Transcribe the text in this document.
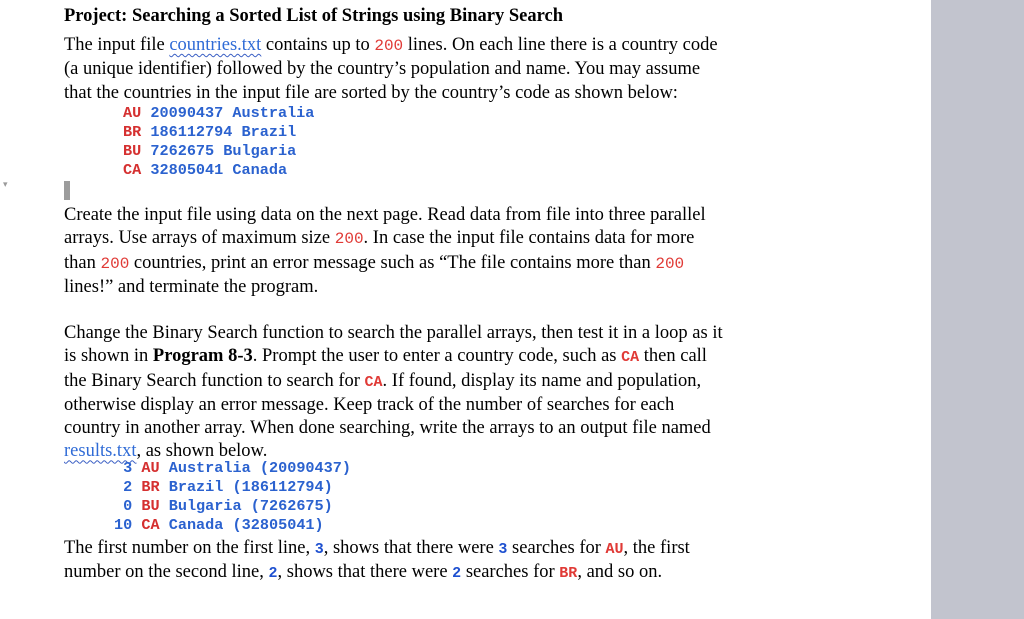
▾
Project: Searching a Sorted List of Strings using Binary Search
The input file countries.txt contains up to 200 lines. On each line there is a country code
(a unique identifier) followed by the country’s population and name. You may assume
that the countries in the input file are sorted by the country’s code as shown below:
AU 20090437 Australia
BR 186112794 Brazil
BU 7262675 Bulgaria
CA 32805041 Canada
Create the input file using data on the next page. Read data from file into three parallel
arrays. Use arrays of maximum size 200. In case the input file contains data for more
than 200 countries, print an error message such as “The file contains more than 200
lines!” and terminate the program.
Change the Binary Search function to search the parallel arrays, then test it in a loop as it
is shown in Program 8-3. Prompt the user to enter a country code, such as CA then call
the Binary Search function to search for CA. If found, display its name and population,
otherwise display an error message. Keep track of the number of searches for each
country in another array. When done searching, write the arrays to an output file named
results.txt, as shown below.
3 AU Australia (20090437)
2 BR Brazil (186112794)
0 BU Bulgaria (7262675)
10 CA Canada (32805041)
The first number on the first line, 3, shows that there were 3 searches for AU, the first
number on the second line, 2, shows that there were 2 searches for BR, and so on.
